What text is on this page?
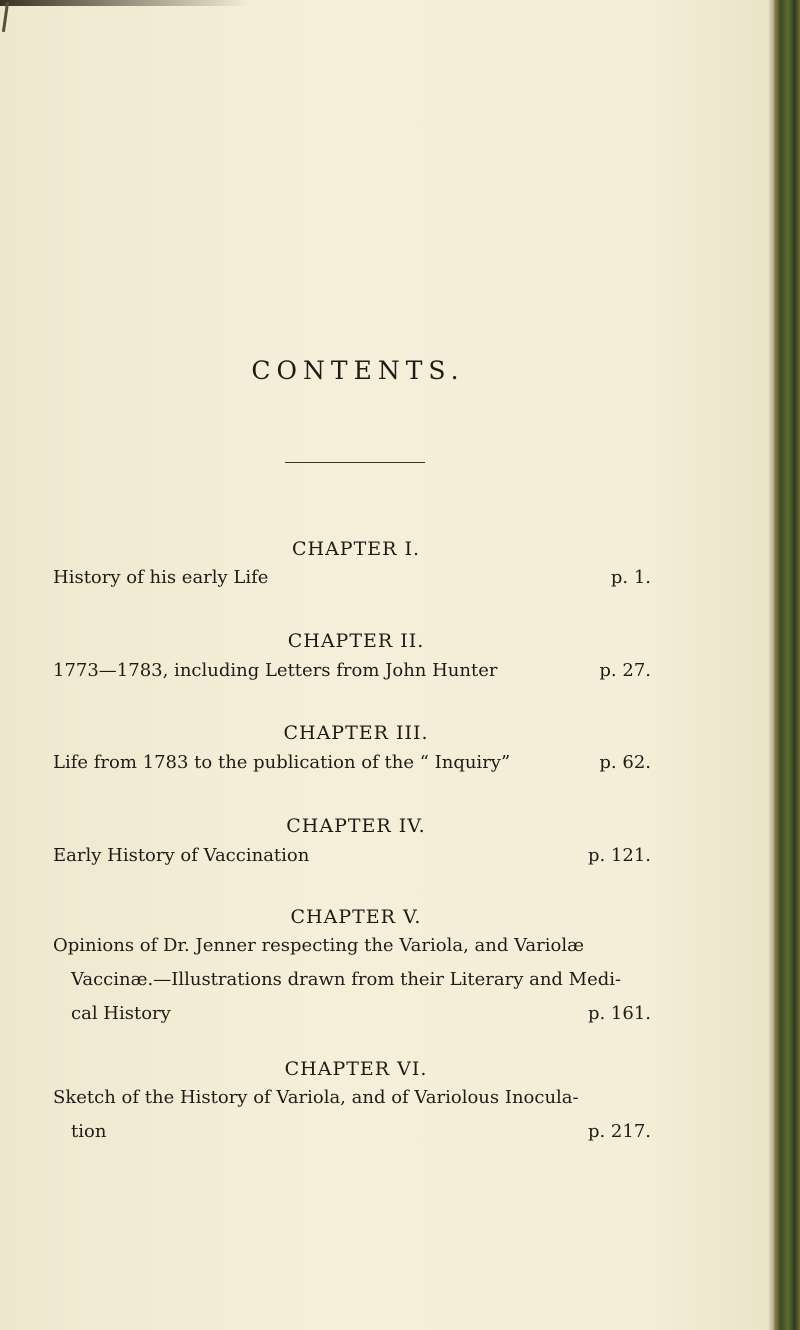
CONTENTS.
CHAPTER I.
History of his early Life	p. 1.
CHAPTER II.
1773—1783, including Letters from John Hunter	p. 27.
CHAPTER III.
Life from 1783 to the publication of the “ Inquiry”	p. 62.
CHAPTER IV.
Early History of Vaccination	p. 121.
CHAPTER V.
Opinions of Dr. Jenner respecting the Variola, and Variolæ
Vaccinæ.—Illustrations drawn from their Literary and Medi-
cal History	p. 161.
CHAPTER VI.
Sketch of the History of Variola, and of Variolous Inocula-
tion	p. 217.
